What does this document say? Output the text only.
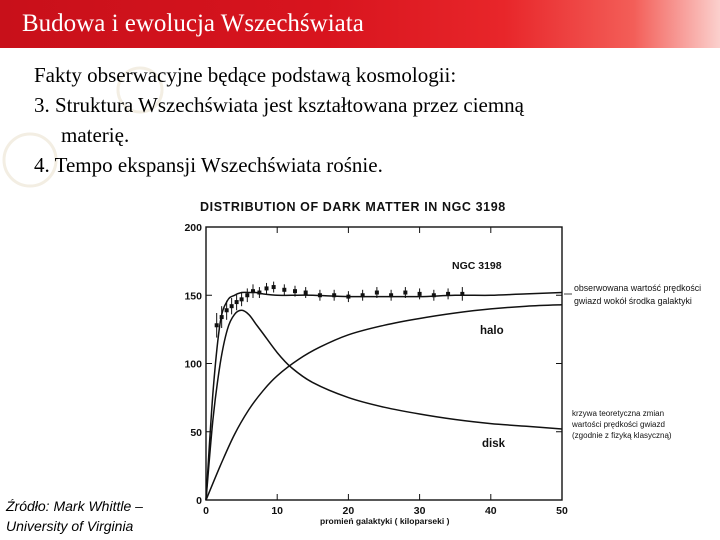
Budowa i ewolucja Wszechświata
Fakty obserwacyjne będące podstawą kosmologii:
3. Struktura Wszechświata jest kształtowana przez ciemną
materię.
4. Tempo ekspansji Wszechświata rośnie.
DISTRIBUTION OF DARK MATTER IN NGC 3198
0
50
100
150
200
0	10	20	30	40	50
NGC 3198
halo
disk
obserwowana wartość prędkości
gwiazd wokół środka galaktyki
krzywa teoretyczna zmian
wartości prędkości gwiazd
(zgodnie z fizyką klasyczną)
promień galaktyki ( kiloparseki )
Źródło: Mark Whittle –
University of Virginia
